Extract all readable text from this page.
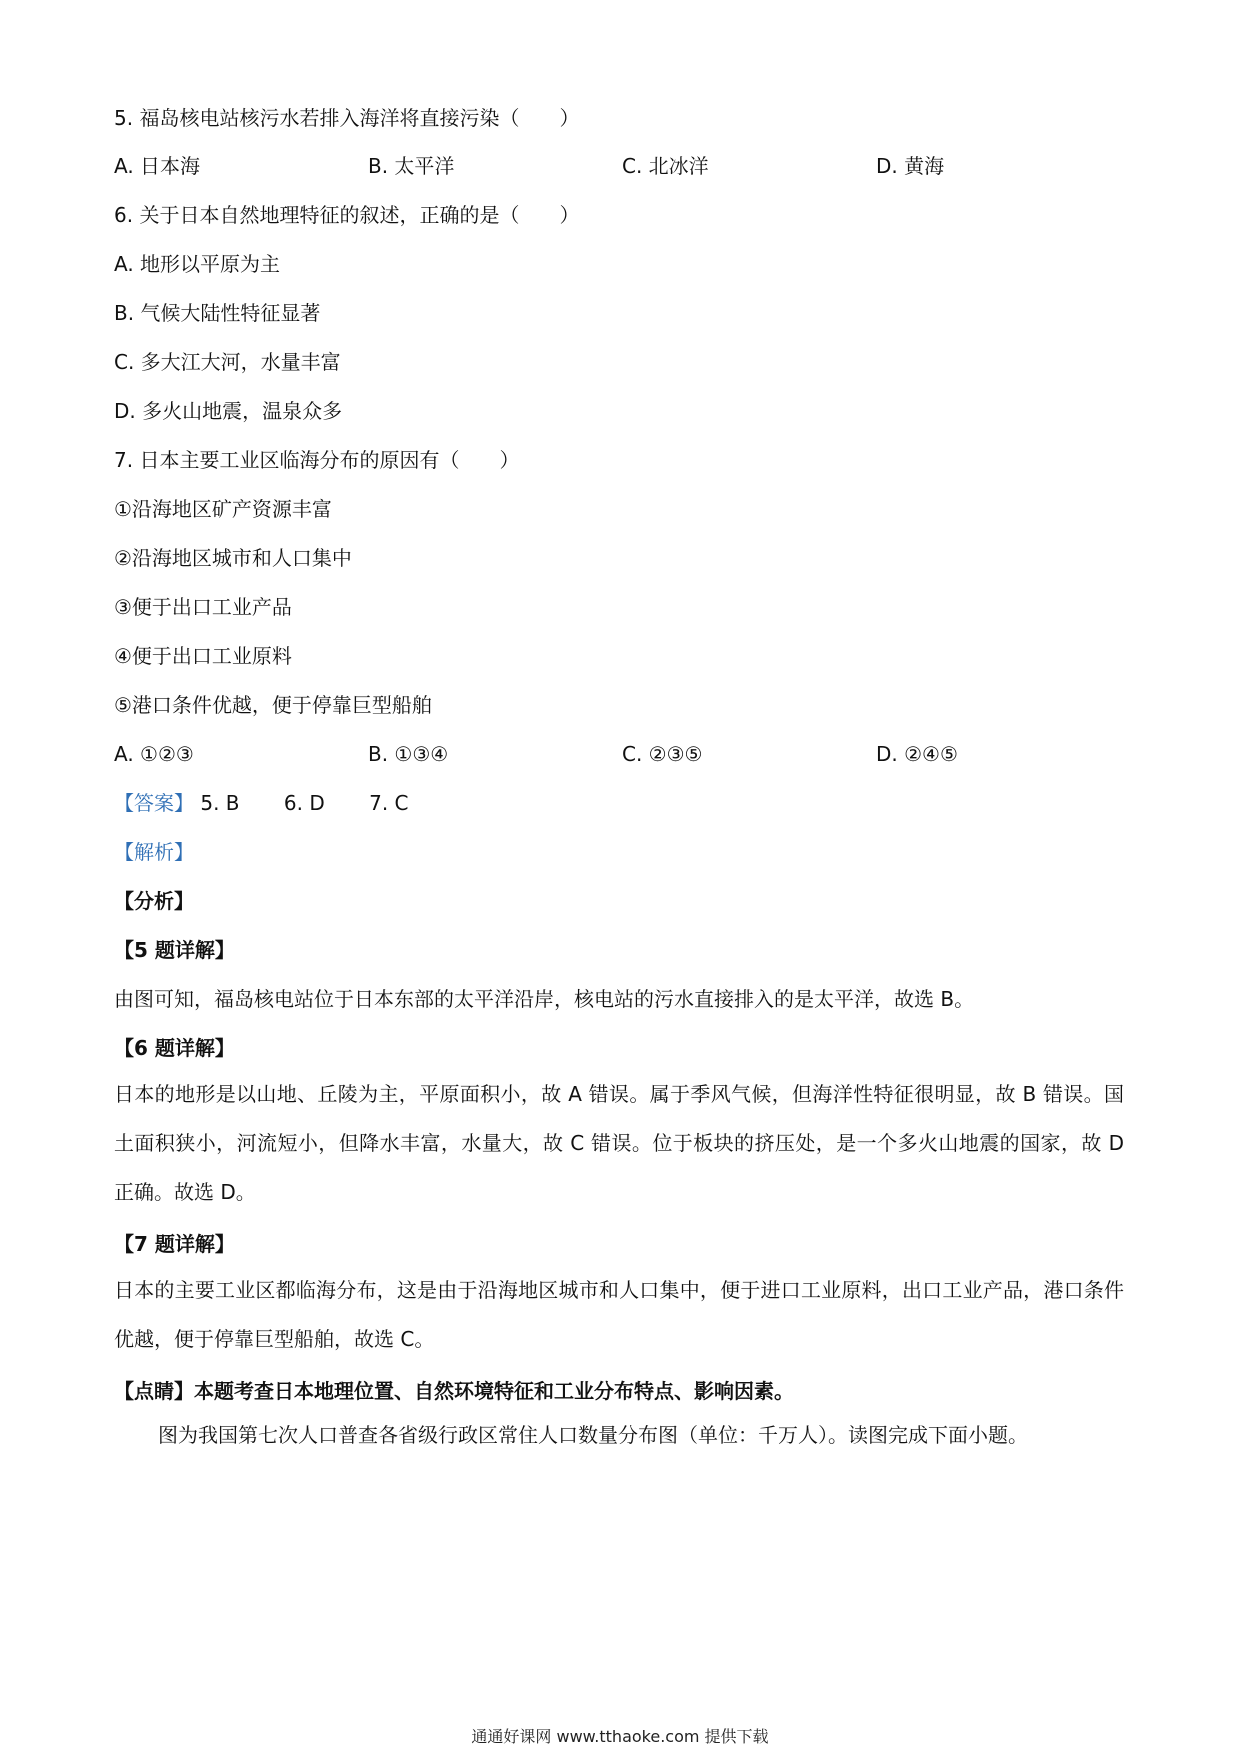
5. 福岛核电站核污水若排入海洋将直接污染（　　）
A. 日本海	B. 太平洋	C. 北冰洋	D. 黄海
6. 关于日本自然地理特征的叙述，正确的是（　　）
A. 地形以平原为主
B. 气候大陆性特征显著
C. 多大江大河，水量丰富
D. 多火山地震，温泉众多
7. 日本主要工业区临海分布的原因有（　　）
①沿海地区矿产资源丰富
②沿海地区城市和人口集中
③便于出口工业产品
④便于出口工业原料
⑤港口条件优越，便于停靠巨型船舶
A. ①②③	B. ①③④	C. ②③⑤	D. ②④⑤
【答案】 5. B 6. D 7. C
【解析】
【分析】
【5 题详解】
由图可知，福岛核电站位于日本东部的太平洋沿岸，核电站的污水直接排入的是太平洋，故选 B。
【6 题详解】
日本的地形是以山地、丘陵为主，平原面积小，故 A 错误。属于季风气候，但海洋性特征很明显，故 B 错误。国土面积狭小，河流短小，但降水丰富，水量大，故 C 错误。位于板块的挤压处，是一个多火山地震的国家，故 D 正确。故选 D。
【7 题详解】
日本的主要工业区都临海分布，这是由于沿海地区城市和人口集中，便于进口工业原料，出口工业产品，港口条件优越，便于停靠巨型船舶，故选 C。
【点睛】本题考查日本地理位置、自然环境特征和工业分布特点、影响因素。
图为我国第七次人口普查各省级行政区常住人口数量分布图（单位：千万人）。读图完成下面小题。
通通好课网 www.tthaoke.com 提供下载
